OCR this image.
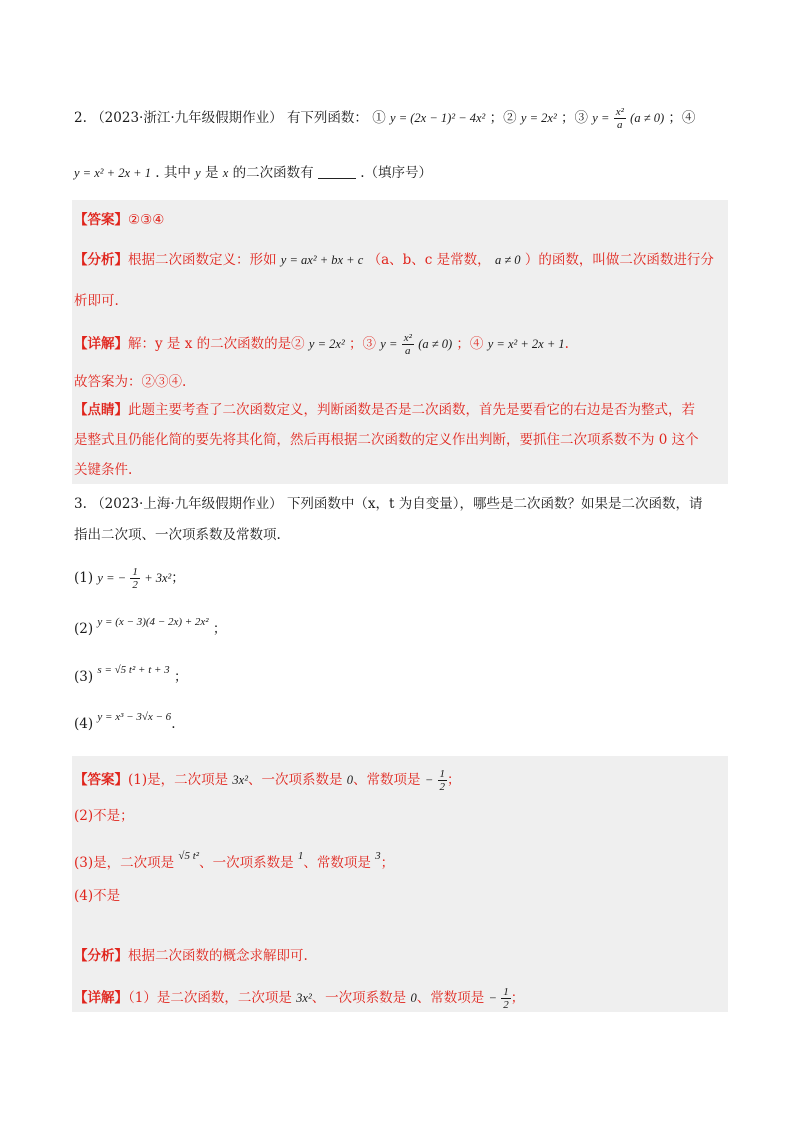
2. （2023·浙江·九年级假期作业） 有下列函数： ① y = (2x − 1)² − 4x² ；② y = 2x² ；③ $y = \frac{\text{x²}}{a} (a \ne 0)$ ；④
y = x² + 2x + 1 . 其中 y 是 x 的二次函数有	.（填序号）
【答案】②③④
【分析】根据二次函数定义：形如 y = ax² + bx + c （a、b、c 是常数， a ≠ 0 ）的函数，叫做二次函数进行分
析即可.
【详解】解：y 是 x 的二次函数的是② y = 2x² ；③ $y = \frac{\text{x²}}{a} (a \ne 0)$ ；④ y = x² + 2x + 1.
故答案为：②③④.
【点睛】此题主要考查了二次函数定义，判断函数是否是二次函数，首先是要看它的右边是否为整式，若
是整式且仍能化简的要先将其化简，然后再根据二次函数的定义作出判断，要抓住二次项系数不为 0 这个
关键条件.
3. （2023·上海·九年级假期作业） 下列函数中（x，t 为自变量），哪些是二次函数？如果是二次函数，请
指出二次项、一次项系数及常数项.
(1) y = − $\frac{1}{2} + 3x^2$；
(2) $^{y = (x - 3)(4 - 2x) + 2x^2}$ ；
(3) $^{s = √5 t^2 + t + 3}$ ；
(4) $^{y = x^3 - 3√x - 6}$.
【答案】(1)是，二次项是 3x²、一次项系数是 0、常数项是 − $\frac{1}{2}$ ；
(2)不是；
(3)是，二次项是 $^{√5 t^2}$、一次项系数是 $^1$、常数项是 $^3$；
(4)不是
【分析】根据二次函数的概念求解即可.
【详解】（1）是二次函数，二次项是 3x²、一次项系数是 0、常数项是 − $\frac{1}{2}$ ；
